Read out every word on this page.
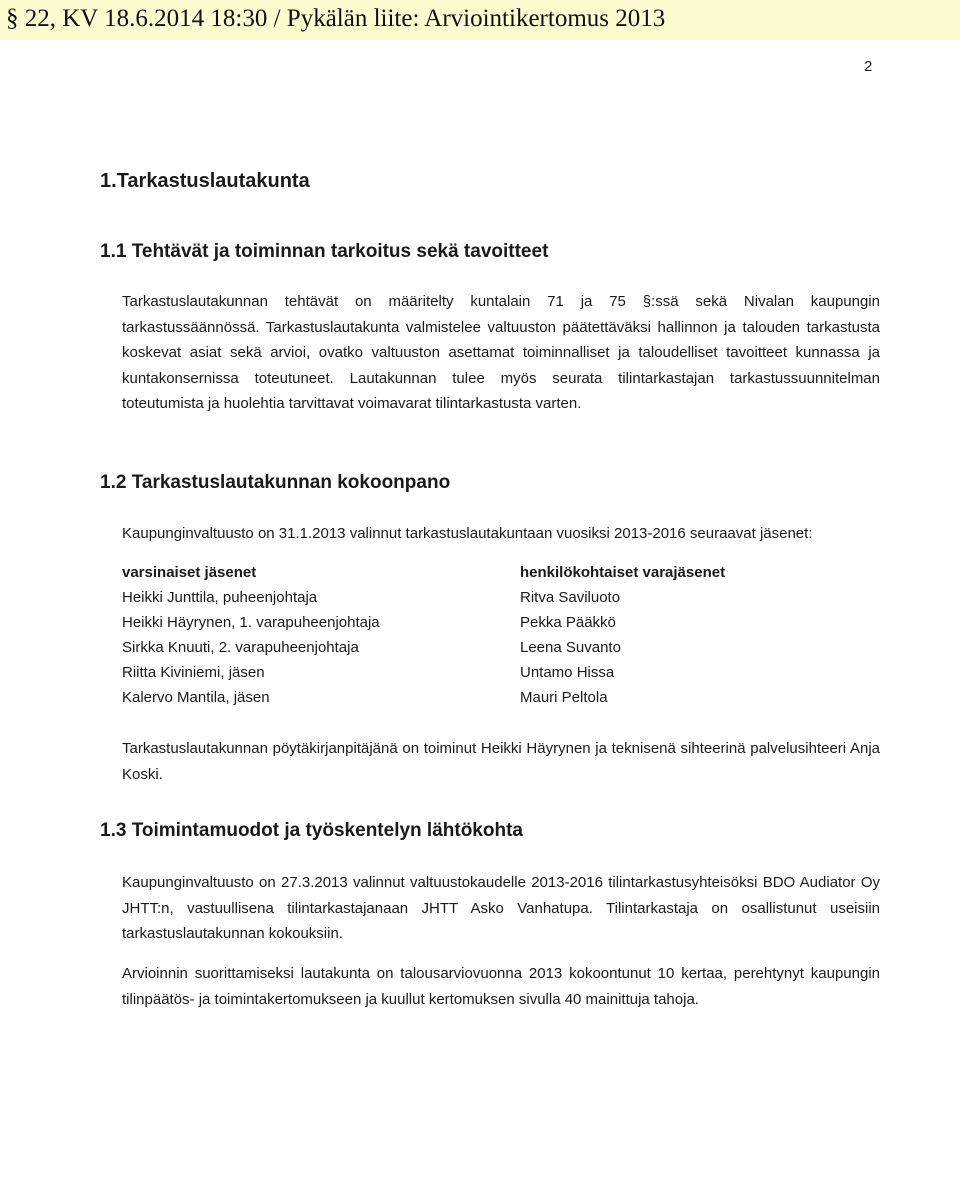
§ 22, KV 18.6.2014 18:30 / Pykälän liite: Arviointikertomus 2013
2
1.Tarkastuslautakunta
1.1 Tehtävät ja toiminnan tarkoitus sekä tavoitteet
Tarkastuslautakunnan tehtävät on määritelty kuntalain 71 ja 75 §:ssä sekä Nivalan kaupungin tarkastussäännössä. Tarkastuslautakunta valmistelee valtuuston päätettäväksi hallinnon ja talouden tarkastusta koskevat asiat sekä arvioi, ovatko valtuuston asettamat toiminnalliset ja taloudelliset tavoitteet kunnassa ja kuntakonsernissa toteutuneet. Lautakunnan tulee myös seurata tilintarkastajan tarkastussuunnitelman toteutumista ja huolehtia tarvittavat voimavarat tilintarkastusta varten.
1.2 Tarkastuslautakunnan kokoonpano
Kaupunginvaltuusto on 31.1.2013 valinnut tarkastuslautakuntaan vuosiksi 2013-2016 seuraavat jäsenet:
varsinaiset jäsenet
Heikki Junttila, puheenjohtaja
Heikki Häyrynen, 1. varapuheenjohtaja
Sirkka Knuuti, 2. varapuheenjohtaja
Riitta Kiviniemi, jäsen
Kalervo Mantila, jäsen
henkilökohtaiset varajäsenet
Ritva Saviluoto
Pekka Pääkkö
Leena Suvanto
Untamo Hissa
Mauri Peltola
Tarkastuslautakunnan pöytäkirjanpitäjänä on toiminut Heikki Häyrynen ja teknisenä sihteerinä palvelusihteeri Anja Koski.
1.3 Toimintamuodot ja työskentelyn lähtökohta
Kaupunginvaltuusto on 27.3.2013 valinnut valtuustokaudelle 2013-2016 tilintarkastusyhteisöksi BDO Audiator Oy JHTT:n, vastuullisena tilintarkastajanaan JHTT Asko Vanhatupa. Tilintarkastaja on osallistunut useisiin tarkastuslautakunnan kokouksiin.
Arvioinnin suorittamiseksi lautakunta on talousarviovuonna 2013 kokoontunut 10 kertaa, perehtynyt kaupungin tilinpäätös- ja toimintakertomukseen ja kuullut kertomuksen sivulla 40 mainittuja tahoja.
